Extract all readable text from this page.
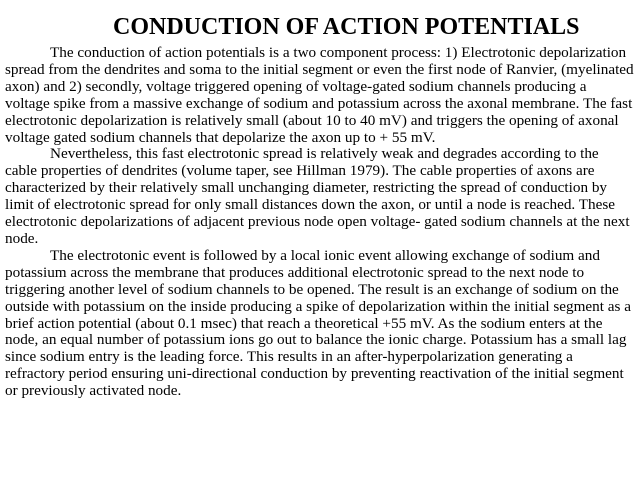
CONDUCTION OF ACTION POTENTIALS

The conduction of action potentials is a two component process: 1) Electrotonic depolarization spread from the dendrites and soma to the initial segment or even the first node of Ranvier, (myelinated axon) and 2) secondly, voltage triggered opening of voltage-gated sodium channels producing a voltage spike from a massive exchange of sodium and potassium across the axonal membrane. The fast electrotonic depolarization is relatively small (about 10 to 40 mV) and triggers the opening of axonal voltage gated sodium channels that depolarize the axon up to + 55 mV.

Nevertheless, this fast electrotonic spread is relatively weak and degrades according to the cable properties of dendrites (volume taper, see Hillman 1979). The cable properties of axons are characterized by their relatively small unchanging diameter, restricting the spread of conduction by limit of electrotonic spread for only small distances down the axon, or until a node is reached. These electrotonic depolarizations of adjacent previous node open voltage- gated sodium channels at the next node.

The electrotonic event is followed by a local ionic event allowing exchange of sodium and potassium across the membrane that produces additional electrotonic spread to the next node to triggering another level of sodium channels to be opened. The result is an exchange of sodium on the outside with potassium on the inside producing a spike of depolarization within the initial segment as a brief action potential (about 0.1 msec) that reach a theoretical +55 mV. As the sodium enters at the node, an equal number of potassium ions go out to balance the ionic charge. Potassium has a small lag since sodium entry is the leading force. This results in an after-hyperpolarization generating a refractory period ensuring uni-directional conduction by preventing reactivation of the initial segment or previously activated node.
